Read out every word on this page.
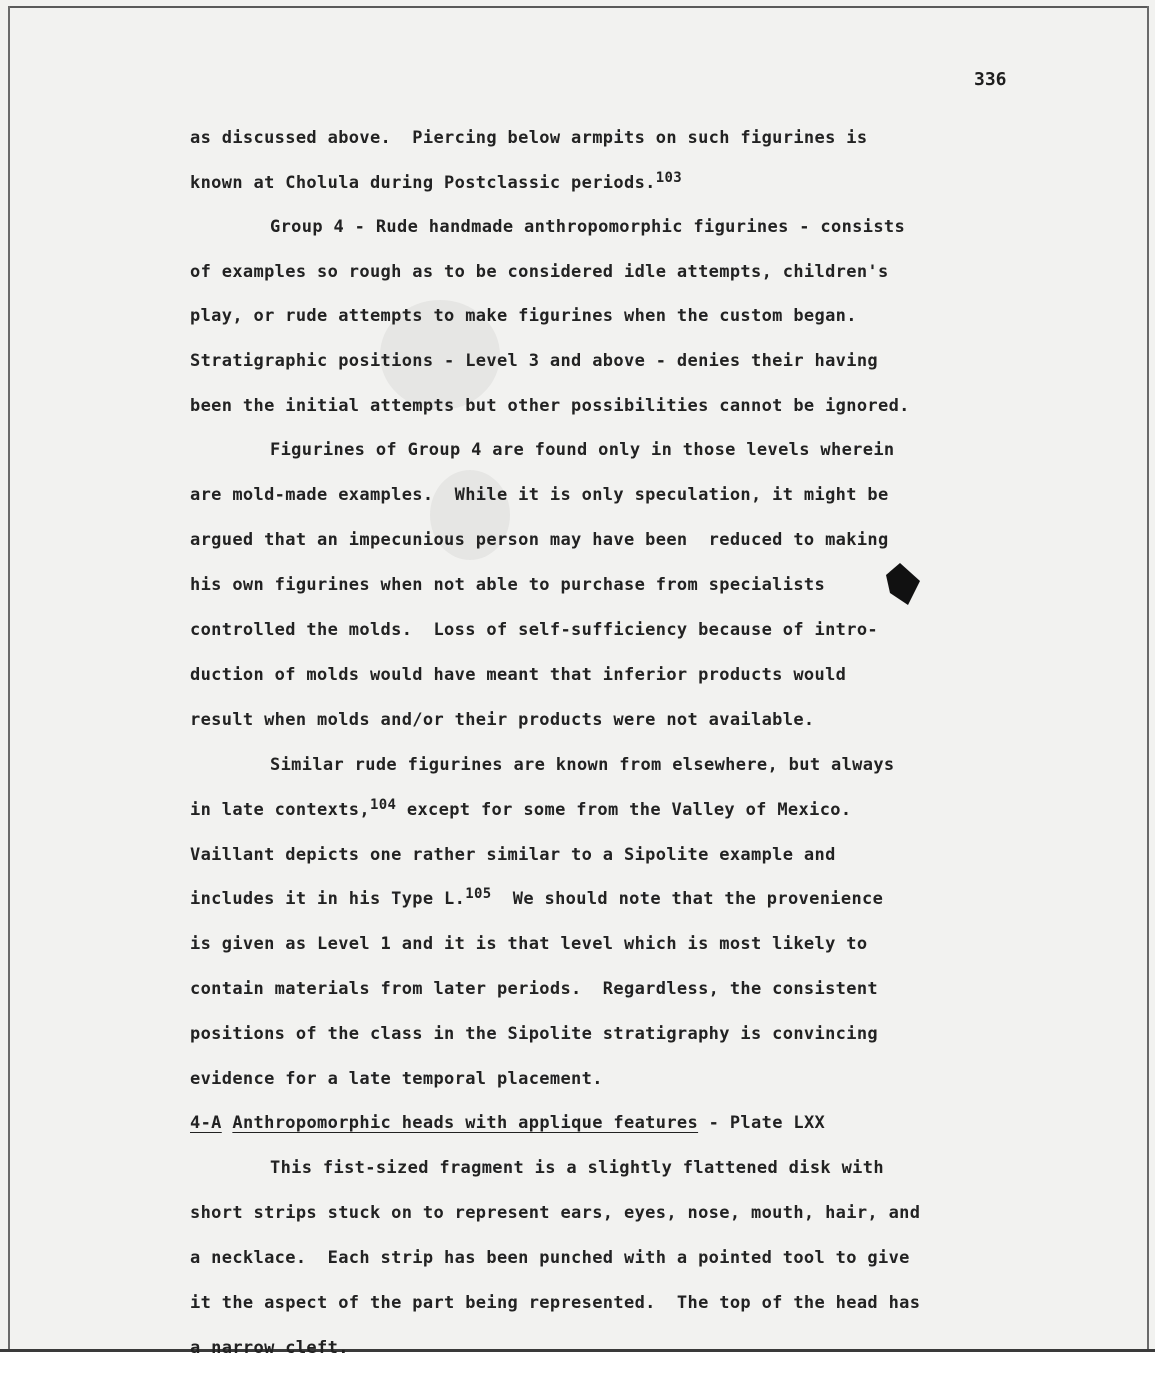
336
as discussed above.  Piercing below armpits on such figurines is
known at Cholula during Postclassic periods.$^{103}$
Group 4 - Rude handmade anthropomorphic figurines - consists
of examples so rough as to be considered idle attempts, children's
play, or rude attempts to make figurines when the custom began.
Stratigraphic positions - Level 3 and above - denies their having
been the initial attempts but other possibilities cannot be ignored.
Figurines of Group 4 are found only in those levels wherein
are mold-made examples.  While it is only speculation, it might be
argued that an impecunious person may have been  reduced to making
his own figurines when not able to purchase from specialists
controlled the molds.  Loss of self-sufficiency because of intro-
duction of molds would have meant that inferior products would
result when molds and/or their products were not available.
Similar rude figurines are known from elsewhere, but always
in late contexts,$^{104}$ except for some from the Valley of Mexico.
Vaillant depicts one rather similar to a Sipolite example and
includes it in his Type L.$^{105}$  We should note that the provenience
is given as Level 1 and it is that level which is most likely to
contain materials from later periods.  Regardless, the consistent
positions of the class in the Sipolite stratigraphy is convincing
evidence for a late temporal placement.
4-A Anthropomorphic heads with applique features - Plate LXX
This fist-sized fragment is a slightly flattened disk with
short strips stuck on to represent ears, eyes, nose, mouth, hair, and
a necklace.  Each strip has been punched with a pointed tool to give
it the aspect of the part being represented.  The top of the head has
a narrow cleft.
